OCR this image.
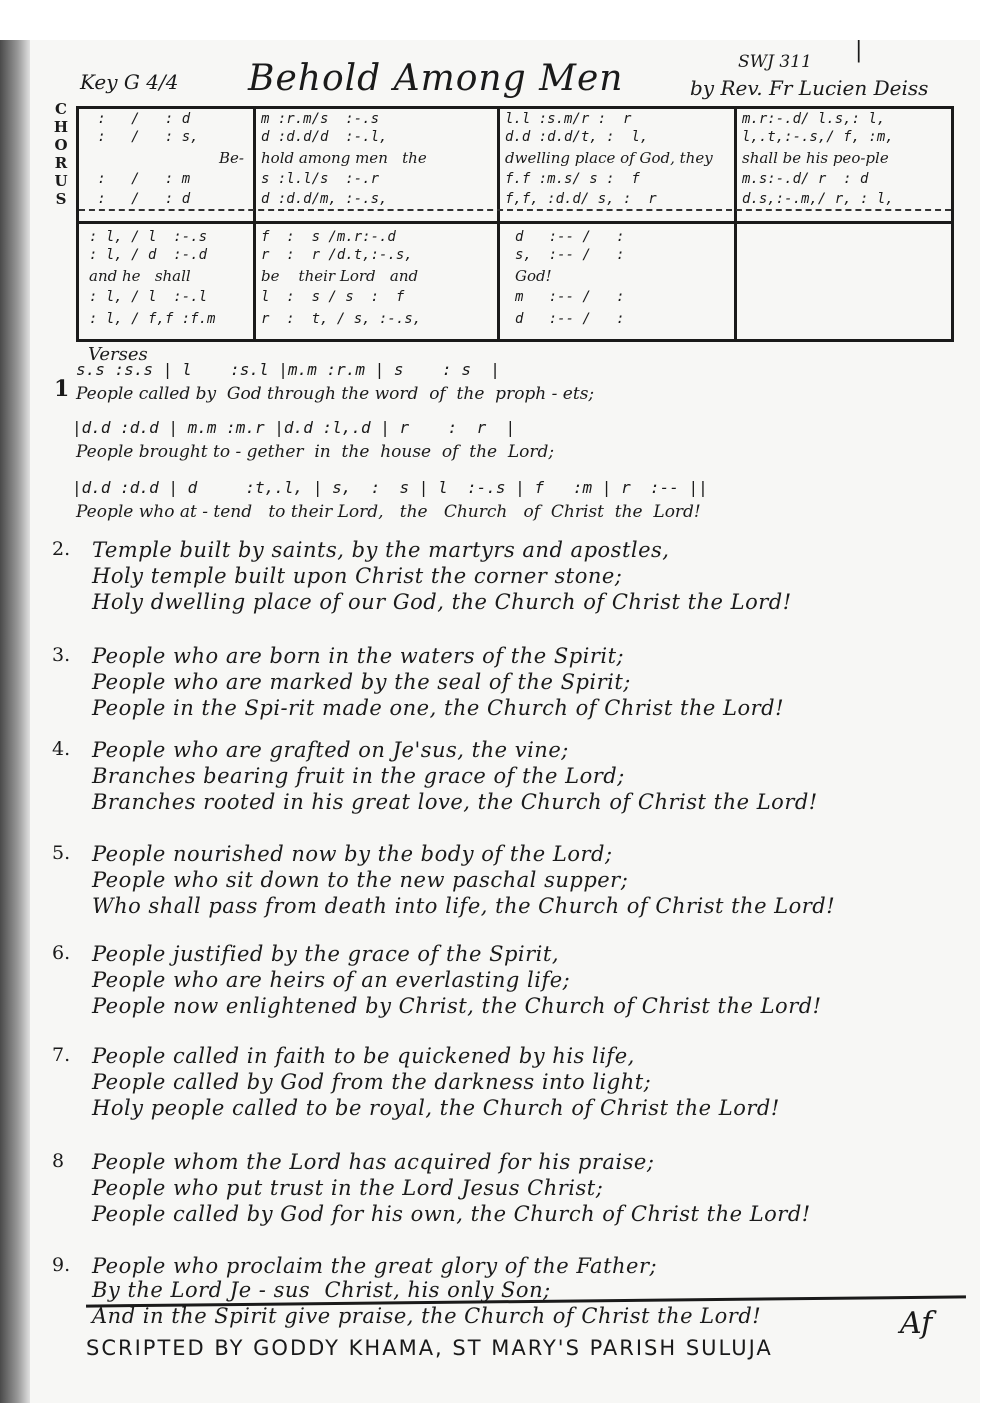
Key G 4/4 Behold Among Men	by Rev. Fr Lucien Deiss
SWJ 311 |
C
H
O
R
U
S
:   /   : d
:   /   : s,
Be-
:   /   : m
:   /   : d
m :r.m/s  :-.s
d :d.d/d  :-.l,
hold among men   the
s :l.l/s  :-.r
d :d.d/m, :-.s,
l.l :s.m/r :  r
d.d :d.d/t, :  l,
dwelling place of God, they
f.f :m.s/ s :  f
f,f, :d.d/ s, :  r
m.r:-.d/ l.s,: l,
l,.t,:-.s,/ f, :m,
shall be his peo-ple
m.s:-.d/ r  : d
d.s,:-.m,/ r, : l,
: l, / l  :-.s
: l, / d  :-.d
and he   shall
: l, / l  :-.l
: l, / f,f :f.m
f  :  s /m.r:-.d
r  :  r /d.t,:-.s,
be    their Lord   and
l  :  s / s  :  f
r  :  t, / s, :-.s,
d   :-- /   :
s,  :-- /   :
God!
m   :-- /   :
d   :-- /   :
Verses
1
s.s :s.s | l    :s.l |m.m :r.m | s    : s  |
People called by  God through the word  of  the  proph - ets;
|d.d :d.d | m.m :m.r |d.d :l,.d | r    :  r  |
People brought to - gether  in  the  house  of  the  Lord;
|d.d :d.d | d     :t,.l, | s,  :  s | l  :-.s | f   :m | r  :-- ||
People who at - tend   to their Lord,   the   Church   of  Christ  the  Lord!
2. Temple built by saints, by the martyrs and apostles,
Holy temple built upon Christ the corner stone;
Holy dwelling place of our God, the Church of Christ the Lord!
3. People who are born in the waters of the Spirit;
People who are marked by the seal of the Spirit;
People in the Spi-rit made one, the Church of Christ the Lord!
4. People who are grafted on Je'sus, the vine;
Branches bearing fruit in the grace of the Lord;
Branches rooted in his great love, the Church of Christ the Lord!
5. People nourished now by the body of the Lord;
People who sit down to the new paschal supper;
Who shall pass from death into life, the Church of Christ the Lord!
6. People justified by the grace of the Spirit,
People who are heirs of an everlasting life;
People now enlightened by Christ, the Church of Christ the Lord!
7. People called in faith to be quickened by his life,
People called by God from the darkness into light;
Holy people called to be royal, the Church of Christ the Lord!
8 People whom the Lord has acquired for his praise;
People who put trust in the Lord Jesus Christ;
People called by God for his own, the Church of Christ the Lord!
9. People who proclaim the great glory of the Father;
By the Lord Je - sus  Christ, his only Son;
And in the Spirit give praise, the Church of Christ the Lord!
SCRIPTED BY GODDY KHAMA, ST MARY'S PARISH SULUJA
Af
